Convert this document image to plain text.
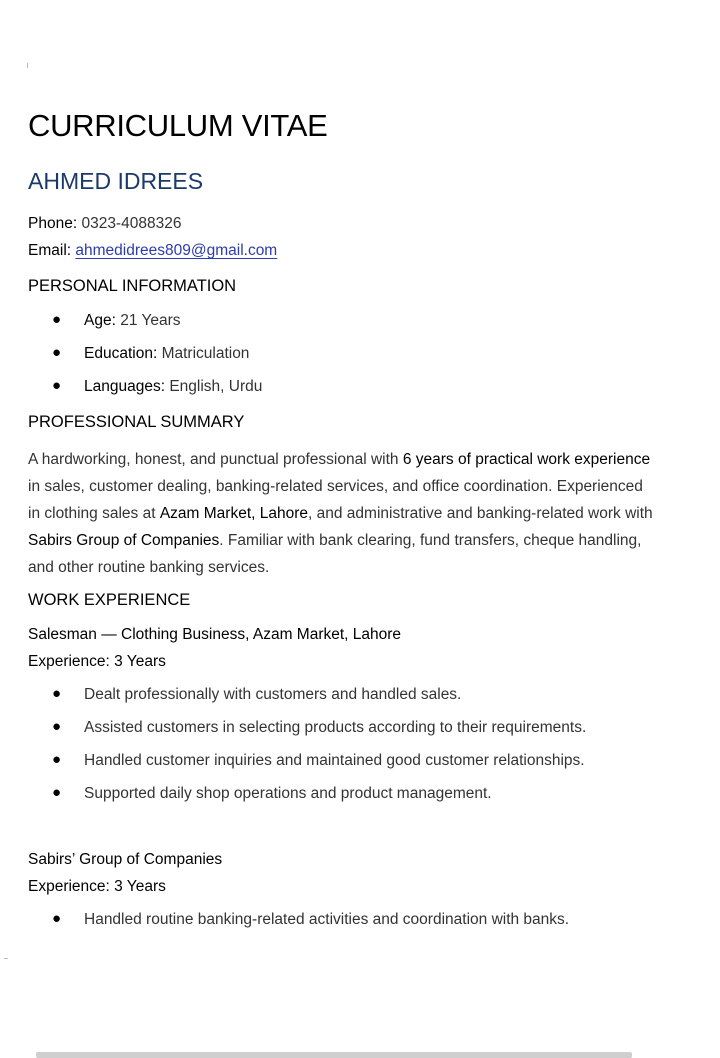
CURRICULUM VITAE
AHMED IDREES
Phone: 0323-4088326
Email: ahmedidrees809@gmail.com
PERSONAL INFORMATION
● Age: 21 Years
● Education: Matriculation
● Languages: English, Urdu
PROFESSIONAL SUMMARY
A hardworking, honest, and punctual professional with 6 years of practical work experience in sales, customer dealing, banking-related services, and office coordination. Experienced in clothing sales at Azam Market, Lahore, and administrative and banking-related work with Sabirs Group of Companies. Familiar with bank clearing, fund transfers, cheque handling, and other routine banking services.
WORK EXPERIENCE
Salesman — Clothing Business, Azam Market, Lahore
Experience: 3 Years
● Dealt professionally with customers and handled sales.
● Assisted customers in selecting products according to their requirements.
● Handled customer inquiries and maintained good customer relationships.
● Supported daily shop operations and product management.
Sabirs’ Group of Companies
Experience: 3 Years
● Handled routine banking-related activities and coordination with banks.
